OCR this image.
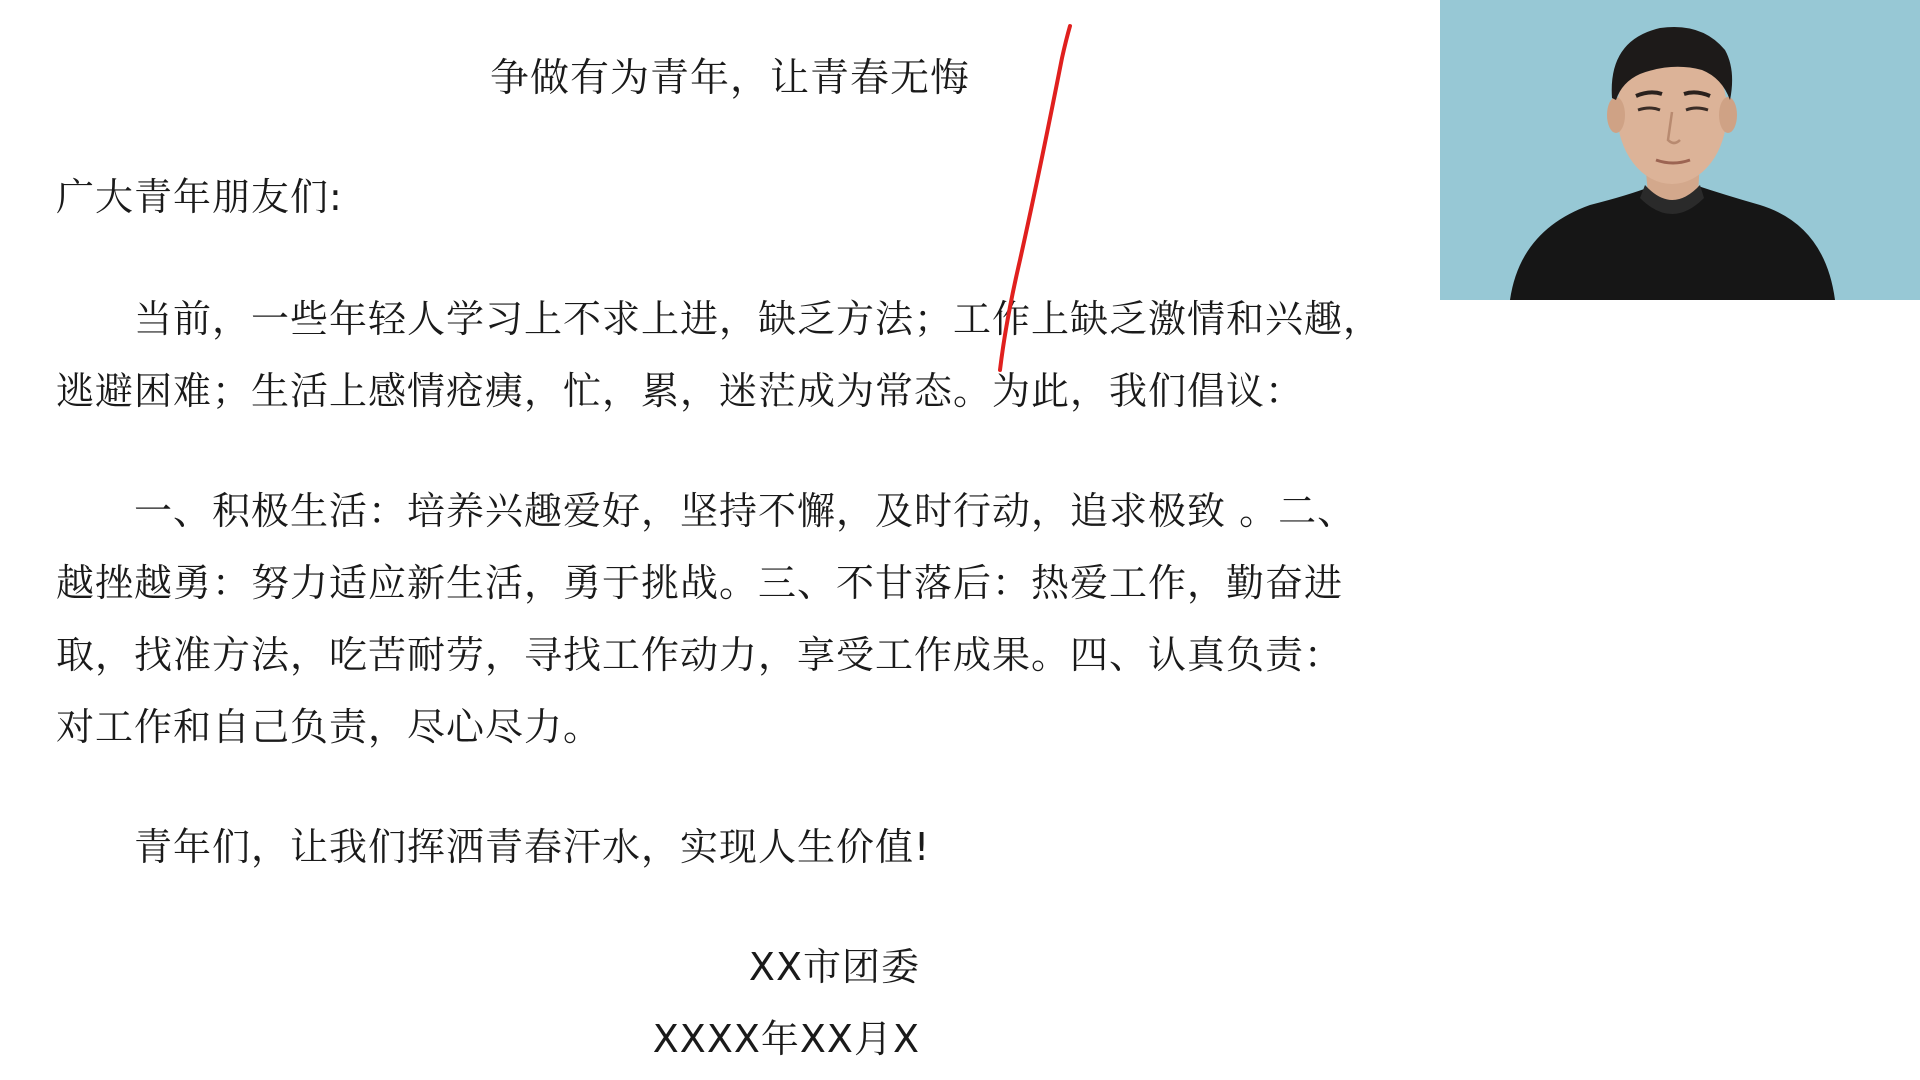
争做有为青年，让青春无悔
广大青年朋友们:
当前，一些年轻人学习上不求上进，缺乏方法；工作上缺乏激情和兴趣，
逃避困难；生活上感情疮痍，忙，累，迷茫成为常态。为此，我们倡议：
一、积极生活：培养兴趣爱好，坚持不懈，及时行动，追求极致 。二、
越挫越勇：努力适应新生活，勇于挑战。三、不甘落后：热爱工作，勤奋进
取，找准方法，吃苦耐劳，寻找工作动力，享受工作成果。四、认真负责：
对工作和自己负责，尽心尽力。
青年们，让我们挥洒青春汗水，实现人生价值!
XX市团委
XXXX年XX月X
